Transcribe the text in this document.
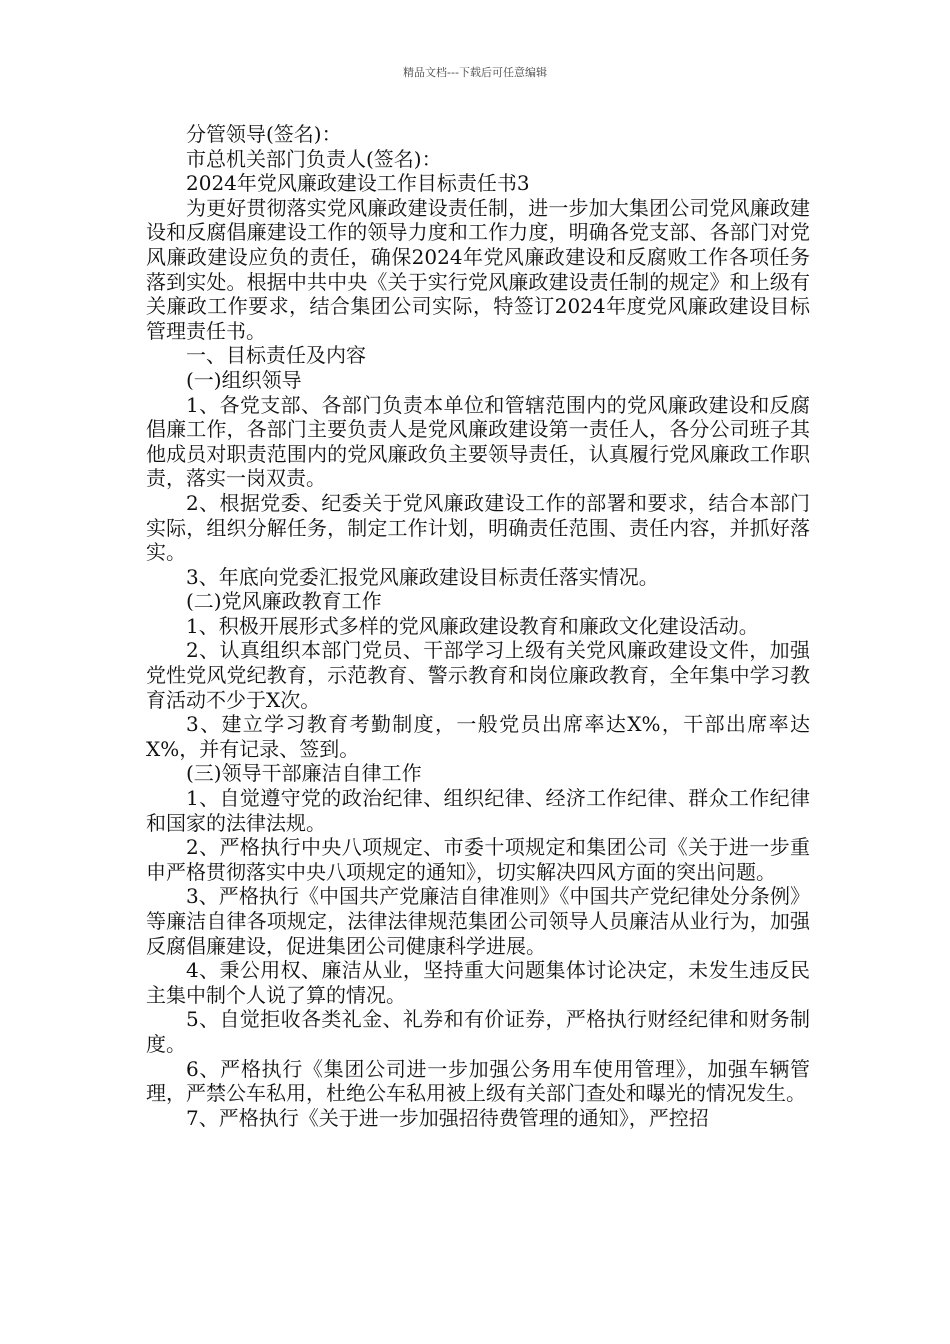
精品文档---下载后可任意编辑

分管领导(签名)：

市总机关部门负责人(签名)：

2024年党风廉政建设工作目标责任书3

为更好贯彻落实党风廉政建设责任制，进一步加大集团公司党风廉政建设和反腐倡廉建设工作的领导力度和工作力度，明确各党支部、各部门对党风廉政建设应负的责任，确保2024年党风廉政建设和反腐败工作各项任务落到实处。根据中共中央《关于实行党风廉政建设责任制的规定》和上级有关廉政工作要求，结合集团公司实际，特签订2024年度党风廉政建设目标管理责任书。

一、目标责任及内容

(一)组织领导

1、各党支部、各部门负责本单位和管辖范围内的党风廉政建设和反腐倡廉工作，各部门主要负责人是党风廉政建设第一责任人，各分公司班子其他成员对职责范围内的党风廉政负主要领导责任，认真履行党风廉政工作职责，落实一岗双责。

2、根据党委、纪委关于党风廉政建设工作的部署和要求，结合本部门实际，组织分解任务，制定工作计划，明确责任范围、责任内容，并抓好落实。

3、年底向党委汇报党风廉政建设目标责任落实情况。

(二)党风廉政教育工作

1、积极开展形式多样的党风廉政建设教育和廉政文化建设活动。

2、认真组织本部门党员、干部学习上级有关党风廉政建设文件，加强党性党风党纪教育，示范教育、警示教育和岗位廉政教育，全年集中学习教育活动不少于X次。

3、建立学习教育考勤制度，一般党员出席率达X%，干部出席率达X%，并有记录、签到。

(三)领导干部廉洁自律工作

1、自觉遵守党的政治纪律、组织纪律、经济工作纪律、群众工作纪律和国家的法律法规。

2、严格执行中央八项规定、市委十项规定和集团公司《关于进一步重申严格贯彻落实中央八项规定的通知》，切实解决四风方面的突出问题。

3、严格执行《中国共产党廉洁自律准则》《中国共产党纪律处分条例》等廉洁自律各项规定，法律法律规范集团公司领导人员廉洁从业行为，加强反腐倡廉建设，促进集团公司健康科学进展。

4、秉公用权、廉洁从业，坚持重大问题集体讨论决定，未发生违反民主集中制个人说了算的情况。

5、自觉拒收各类礼金、礼券和有价证券，严格执行财经纪律和财务制度。

6、严格执行《集团公司进一步加强公务用车使用管理》，加强车辆管理，严禁公车私用，杜绝公车私用被上级有关部门查处和曝光的情况发生。

7、严格执行《关于进一步加强招待费管理的通知》，严控招
